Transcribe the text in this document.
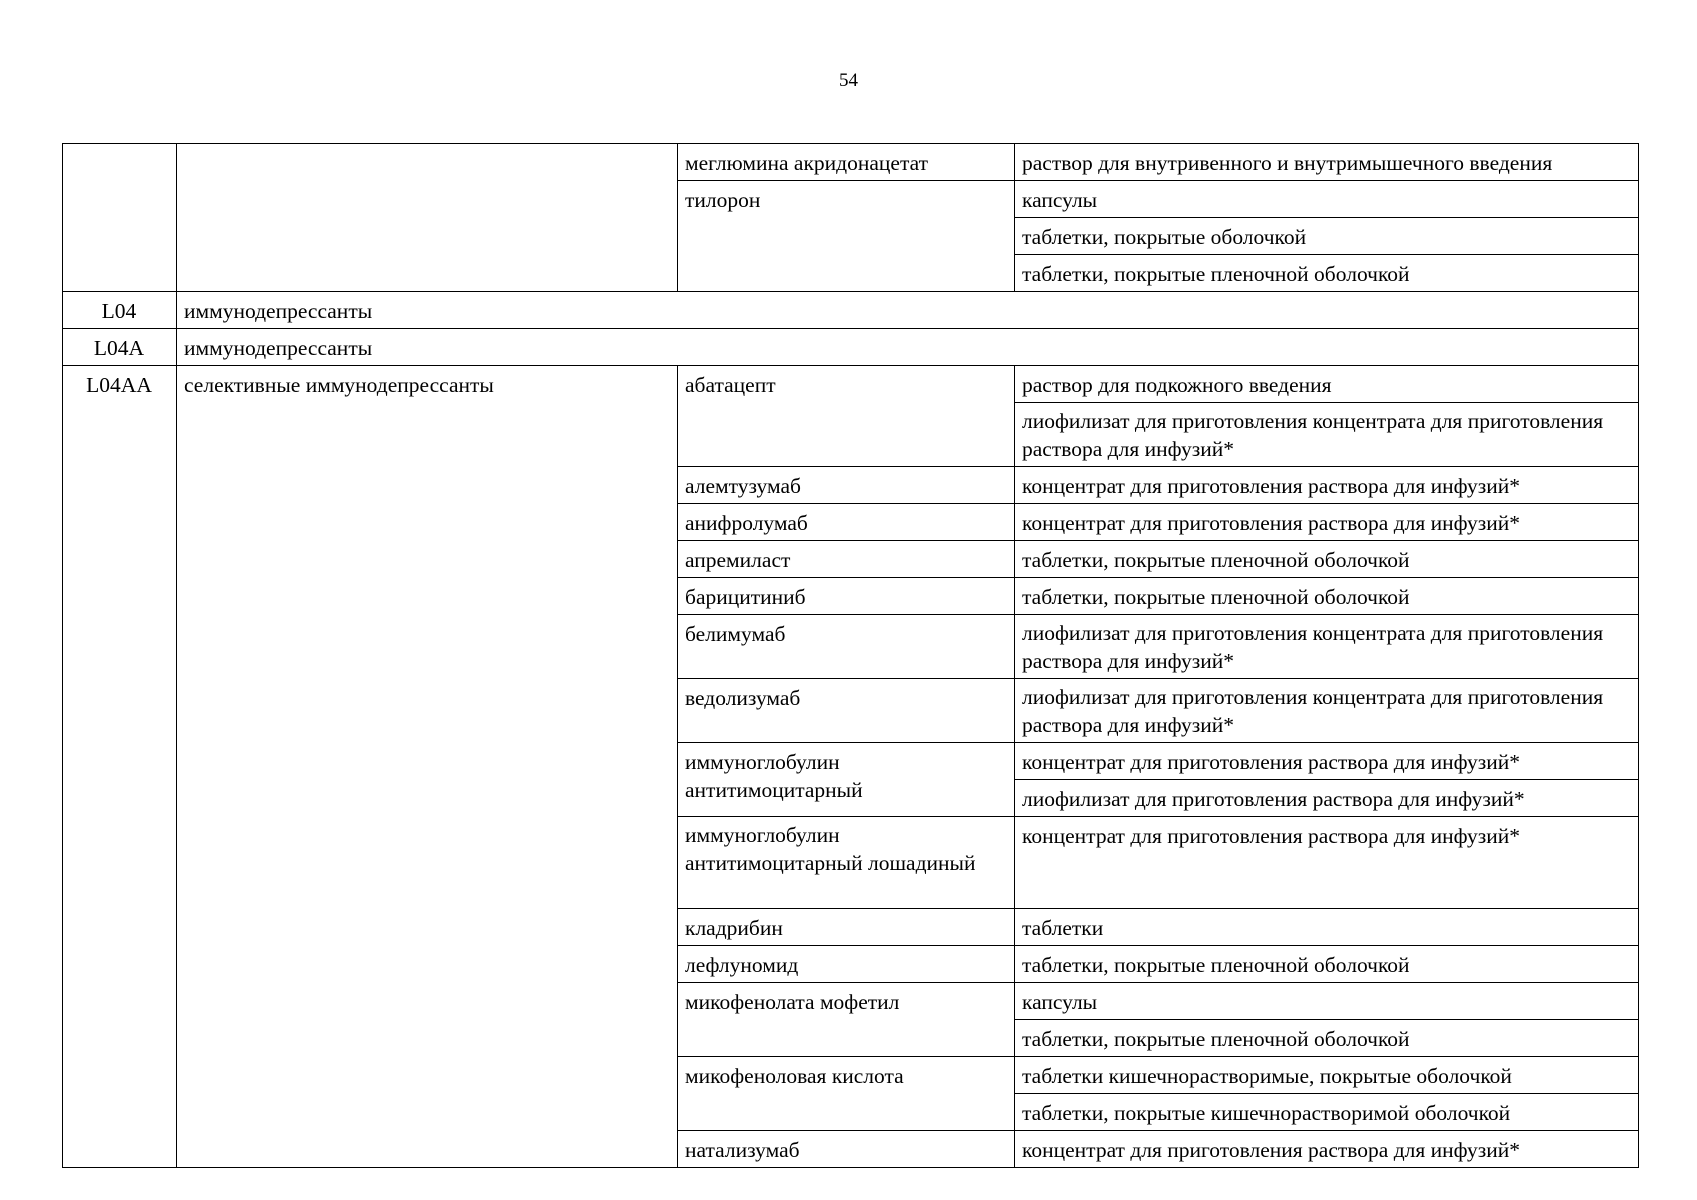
54
		меглюмина акридонацетат	раствор для внутривенного и внутримышечного введения
		тилорон	капсулы
			таблетки, покрытые оболочкой
			таблетки, покрытые пленочной оболочкой
L04	иммунодепрессанты		
L04A	иммунодепрессанты		
L04AA	селективные иммунодепрессанты	абатацепт	раствор для подкожного введения
			лиофилизат для приготовления концентрата для приготовления раствора для инфузий*
		алемтузумаб	концентрат для приготовления раствора для инфузий*
		анифролумаб	концентрат для приготовления раствора для инфузий*
		апремиласт	таблетки, покрытые пленочной оболочкой
		барицитиниб	таблетки, покрытые пленочной оболочкой
		белимумаб	лиофилизат для приготовления концентрата для приготовления раствора для инфузий*
		ведолизумаб	лиофилизат для приготовления концентрата для приготовления раствора для инфузий*
		иммуноглобулин антитимоцитарный	концентрат для приготовления раствора для инфузий*
			лиофилизат для приготовления раствора для инфузий*
		иммуноглобулин антитимоцитарный лошадиный	концентрат для приготовления раствора для инфузий*
		кладрибин	таблетки
		лефлуномид	таблетки, покрытые пленочной оболочкой
		микофенолата мофетил	капсулы
			таблетки, покрытые пленочной оболочкой
		микофеноловая кислота	таблетки кишечнорастворимые, покрытые оболочкой
			таблетки, покрытые кишечнорастворимой оболочкой
		натализумаб	концентрат для приготовления раствора для инфузий*
